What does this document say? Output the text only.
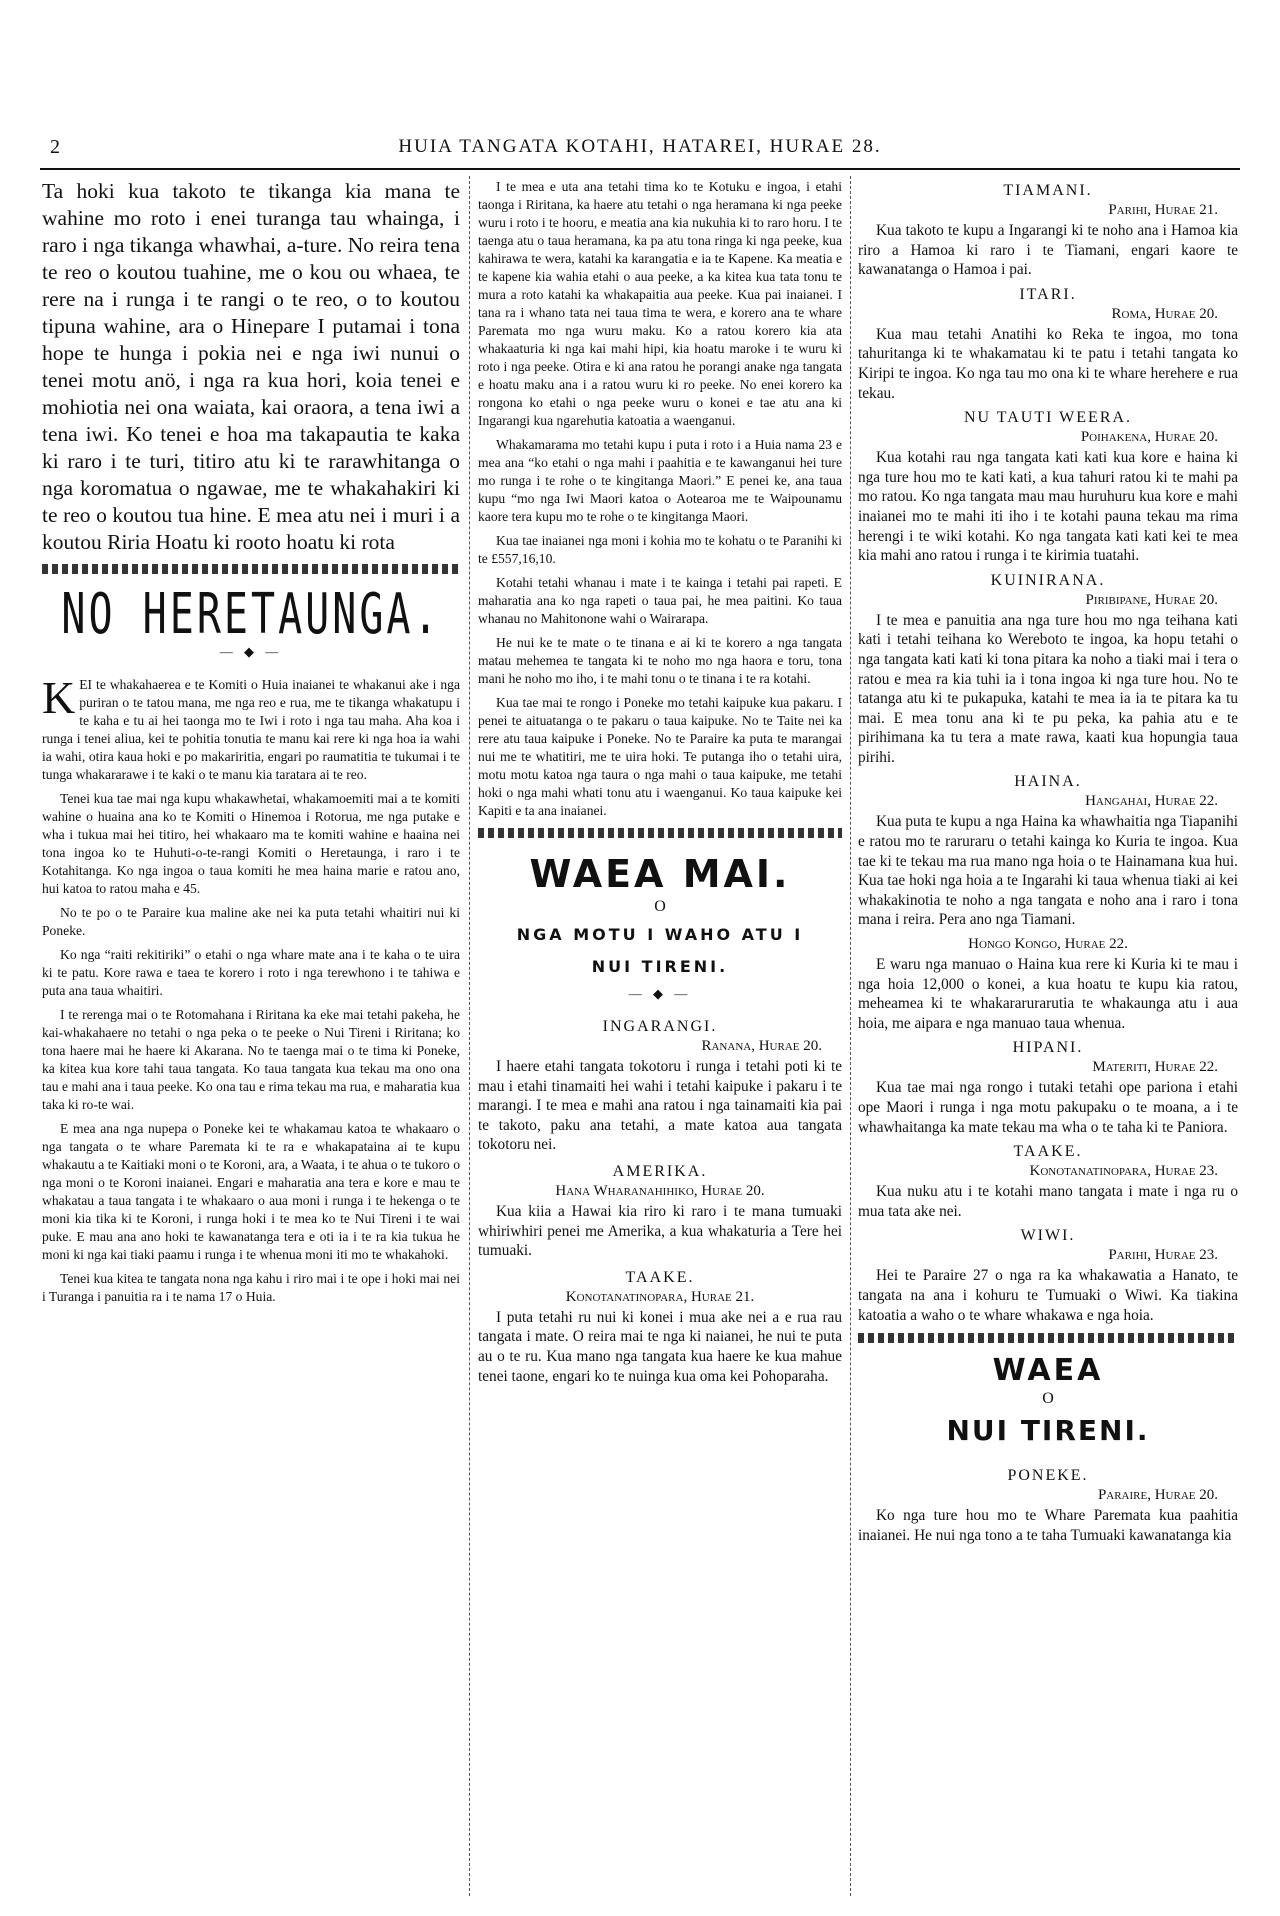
2	HUIA TANGATA KOTAHI, HATAREI, HURAE 28.

Ta hoki kua takoto te tikanga kia mana te wahine mo roto i enei turanga tau whainga, i raro i nga tikanga whawhai, a-ture. No reira tena te reo o koutou tuahine, me o kou ou whaea, te rere na i runga i te rangi o te reo, o to koutou tipuna wahine, ara o Hinepare I putamai i tona hope te hunga i pokia nei e nga iwi nunui o tenei motu anö, i nga ra kua hori, koia tenei e mohiotia nei ona waiata, kai oraora, a tena iwi a tena iwi. Ko tenei e hoa ma takapautia te kaka ki raro i te turi, titiro atu ki te rarawhitanga o nga koromatua o ngawae, me te whakahakiri ki te reo o koutou tua hine. E mea atu nei i muri i a koutou Riria Hoatu ki rooto hoatu ki rota

NO HERETAUNGA.
— ◆ —

K EI te whakahaerea e te Komiti o Huia inaianei te whakanui ake i nga puriran o te tatou mana, me nga reo e rua, me te tikanga whakatupu i te kaha e tu ai hei taonga mo te Iwi i roto i nga tau maha. Aha koa i runga i tenei aliua, kei te pohitia tonutia te manu kai rere ki nga hoa ia wahi ia wahi, otira kaua hoki e po makariritia, engari po raumatitia te tukumai i te tunga whakararawe i te kaki o te manu kia taratara ai te reo.

Tenei kua tae mai nga kupu whakawhetai, whakamoemiti mai a te komiti wahine o huaina ana ko te Komiti o Hinemoa i Rotorua, me nga putake e wha i tukua mai hei titiro, hei whakaaro ma te komiti wahine e haaina nei tona ingoa ko te Huhuti-o-te-rangi Komiti o Heretaunga, i raro i te Kotahitanga. Ko nga ingoa o taua komiti he mea haina marie e ratou ano, hui katoa to ratou maha e 45.

No te po o te Paraire kua maline ake nei ka puta tetahi whaitiri nui ki Poneke.

Ko nga “raiti rekitiriki” o etahi o nga whare mate ana i te kaha o te uira ki te patu. Kore rawa e taea te korero i roto i nga terewhono i te tahiwa e puta ana taua whaitiri.

I te rerenga mai o te Rotomahana i Riritana ka eke mai tetahi pakeha, he kai-whakahaere no tetahi o nga peka o te peeke o Nui Tireni i Riritana; ko tona haere mai he haere ki Akarana. No te taenga mai o te tima ki Poneke, ka kitea kua kore tahi taua tangata. Ko taua tangata kua tekau ma ono ona tau e mahi ana i taua peeke. Ko ona tau e rima tekau ma rua, e maharatia kua taka ki ro-te wai.

E mea ana nga nupepa o Poneke kei te whakamau katoa te whakaaro o nga tangata o te whare Paremata ki te ra e whakapataina ai te kupu whakautu a te Kaitiaki moni o te Koroni, ara, a Waata, i te ahua o te tukoro o nga moni o te Koroni inaianei. Engari e maharatia ana tera e kore e mau te whakatau a taua tangata i te whakaaro o aua moni i runga i te hekenga o te moni kia tika ki te Koroni, i runga hoki i te mea ko te Nui Tireni i te wai puke. E mau ana ano hoki te kawanatanga tera e oti ia i te ra kia tukua he moni ki nga kai tiaki paamu i runga i te whenua moni iti mo te whakahoki.

Tenei kua kitea te tangata nona nga kahu i riro mai i te ope i hoki mai nei i Turanga i panuitia ra i te nama 17 o Huia.

I te mea e uta ana tetahi tima ko te Kotuku e ingoa, i etahi taonga i Riritana, ka haere atu tetahi o nga heramana ki nga peeke wuru i roto i te hooru, e meatia ana kia nukuhia ki to raro horu. I te taenga atu o taua heramana, ka pa atu tona ringa ki nga peeke, kua kahirawa te wera, katahi ka karangatia e ia te Kapene. Ka meatia e te kapene kia wahia etahi o aua peeke, a ka kitea kua tata tonu te mura a roto katahi ka whakapaitia aua peeke. Kua pai inaianei. I tana ra i whano tata nei taua tima te wera, e korero ana te whare Paremata mo nga wuru maku. Ko a ratou korero kia ata whakaaturia ki nga kai mahi hipi, kia hoatu maroke i te wuru ki roto i nga peeke. Otira e ki ana ratou he porangi anake nga tangata e hoatu maku ana i a ratou wuru ki ro peeke. No enei korero ka rongona ko etahi o nga peeke wuru o konei e tae atu ana ki Ingarangi kua ngarehutia katoatia a waenganui.

Whakamarama mo tetahi kupu i puta i roto i a Huia nama 23 e mea ana “ko etahi o nga mahi i paahitia e te kawanganui hei ture mo runga i te rohe o te kingitanga Maori.” E penei ke, ana taua kupu “mo nga Iwi Maori katoa o Aotearoa me te Waipounamu kaore tera kupu mo te rohe o te kingitanga Maori.

Kua tae inaianei nga moni i kohia mo te kohatu o te Paranihi ki te £557,16,10.

Kotahi tetahi whanau i mate i te kainga i tetahi pai rapeti. E maharatia ana ko nga rapeti o taua pai, he mea paitini. Ko taua whanau no Mahitonone wahi o Wairarapa.

He nui ke te mate o te tinana e ai ki te korero a nga tangata matau mehemea te tangata ki te noho mo nga haora e toru, tona mani he noho mo iho, i te mahi tonu o te tinana i te ra kotahi.

Kua tae mai te rongo i Poneke mo tetahi kaipuke kua pakaru. I penei te aituatanga o te pakaru o taua kaipuke. No te Taite nei ka rere atu taua kaipuke i Poneke. No te Paraire ka puta te marangai nui me te whatitiri, me te uira hoki. Te putanga iho o tetahi uira, motu motu katoa nga taura o nga mahi o taua kaipuke, me tetahi hoki o nga mahi whati tonu atu i waenganui. Ko taua kaipuke kei Kapiti e ta ana inaianei.

WAEA MAI.
O
NGA MOTU I WAHO ATU I
NUI TIRENI.
— ◆ —
INGARANGI.
Ranana, Hurae 20.

I haere etahi tangata tokotoru i runga i tetahi poti ki te mau i etahi tinamaiti hei wahi i tetahi kaipuke i pakaru i te marangi. I te mea e mahi ana ratou i nga tainamaiti kia pai te takoto, paku ana tetahi, a mate katoa aua tangata tokotoru nei.

AMERIKA.
Hana Wharanahihiko, Hurae 20.

Kua kiia a Hawai kia riro ki raro i te mana tumuaki whiriwhiri penei me Amerika, a kua whakaturia a Tere hei tumuaki.

TAAKE.
Konotanatinopara, Hurae 21.

I puta tetahi ru nui ki konei i mua ake nei a e rua rau tangata i mate. O reira mai te nga ki naianei, he nui te puta au o te ru. Kua mano nga tangata kua haere ke kua mahue tenei taone, engari ko te nuinga kua oma kei Pohoparaha.

TIAMANI.
Parihi, Hurae 21.

Kua takoto te kupu a Ingarangi ki te noho ana i Hamoa kia riro a Hamoa ki raro i te Tiamani, engari kaore te kawanatanga o Hamoa i pai.

ITARI.
Roma, Hurae 20.

Kua mau tetahi Anatihi ko Reka te ingoa, mo tona tahuritanga ki te whakamatau ki te patu i tetahi tangata ko Kiripi te ingoa. Ko nga tau mo ona ki te whare herehere e rua tekau.

NU TAUTI WEERA.
Poihakena, Hurae 20.

Kua kotahi rau nga tangata kati kati kua kore e haina ki nga ture hou mo te kati kati, a kua tahuri ratou ki te mahi pa mo ratou. Ko nga tangata mau mau huruhuru kua kore e mahi inaianei mo te mahi iti iho i te kotahi pauna tekau ma rima herengi i te wiki kotahi. Ko nga tangata kati kati kei te mea kia mahi ano ratou i runga i te kirimia tuatahi.

KUINIRANA.
Piribipane, Hurae 20.

I te mea e panuitia ana nga ture hou mo nga teihana kati kati i tetahi teihana ko Wereboto te ingoa, ka hopu tetahi o nga tangata kati kati ki tona pitara ka noho a tiaki mai i tera o ratou e mea ra kia tuhi ia i tona ingoa ki nga ture hou. No te tatanga atu ki te pukapuka, katahi te mea ia ia te pitara ka tu mai. E mea tonu ana ki te pu peka, ka pahia atu e te pirihimana ka tu tera a mate rawa, kaati kua hopungia taua pirihi.

HAINA.
Hangahai, Hurae 22.

Kua puta te kupu a nga Haina ka whawhaitia nga Tiapanihi e ratou mo te raruraru o tetahi kainga ko Kuria te ingoa. Kua tae ki te tekau ma rua mano nga hoia o te Hainamana kua hui. Kua tae hoki nga hoia a te Ingarahi ki taua whenua tiaki ai kei whakakinotia te noho a nga tangata e noho ana i raro i tona mana i reira. Pera ano nga Tiamani.

Hongo Kongo, Hurae 22.

E waru nga manuao o Haina kua rere ki Kuria ki te mau i nga hoia 12,000 o konei, a kua hoatu te kupu kia ratou, meheamea ki te whakararurarutia te whakaunga atu i aua hoia, me aipara e nga manuao taua whenua.

HIPANI.
Materiti, Hurae 22.

Kua tae mai nga rongo i tutaki tetahi ope pariona i etahi ope Maori i runga i nga motu pakupaku o te moana, a i te whawhaitanga ka mate tekau ma wha o te taha ki te Paniora.

TAAKE.
Konotanatinopara, Hurae 23.

Kua nuku atu i te kotahi mano tangata i mate i nga ru o mua tata ake nei.

WIWI.
Parihi, Hurae 23.

Hei te Paraire 27 o nga ra ka whakawatia a Hanato, te tangata na ana i kohuru te Tumuaki o Wiwi. Ka tiakina katoatia a waho o te whare whakawa e nga hoia.

WAEA
O
NUI TIRENI.
PONEKE.
Paraire, Hurae 20.

Ko nga ture hou mo te Whare Paremata kua paahitia inaianei. He nui nga tono a te taha Tumuaki kawanatanga kia
